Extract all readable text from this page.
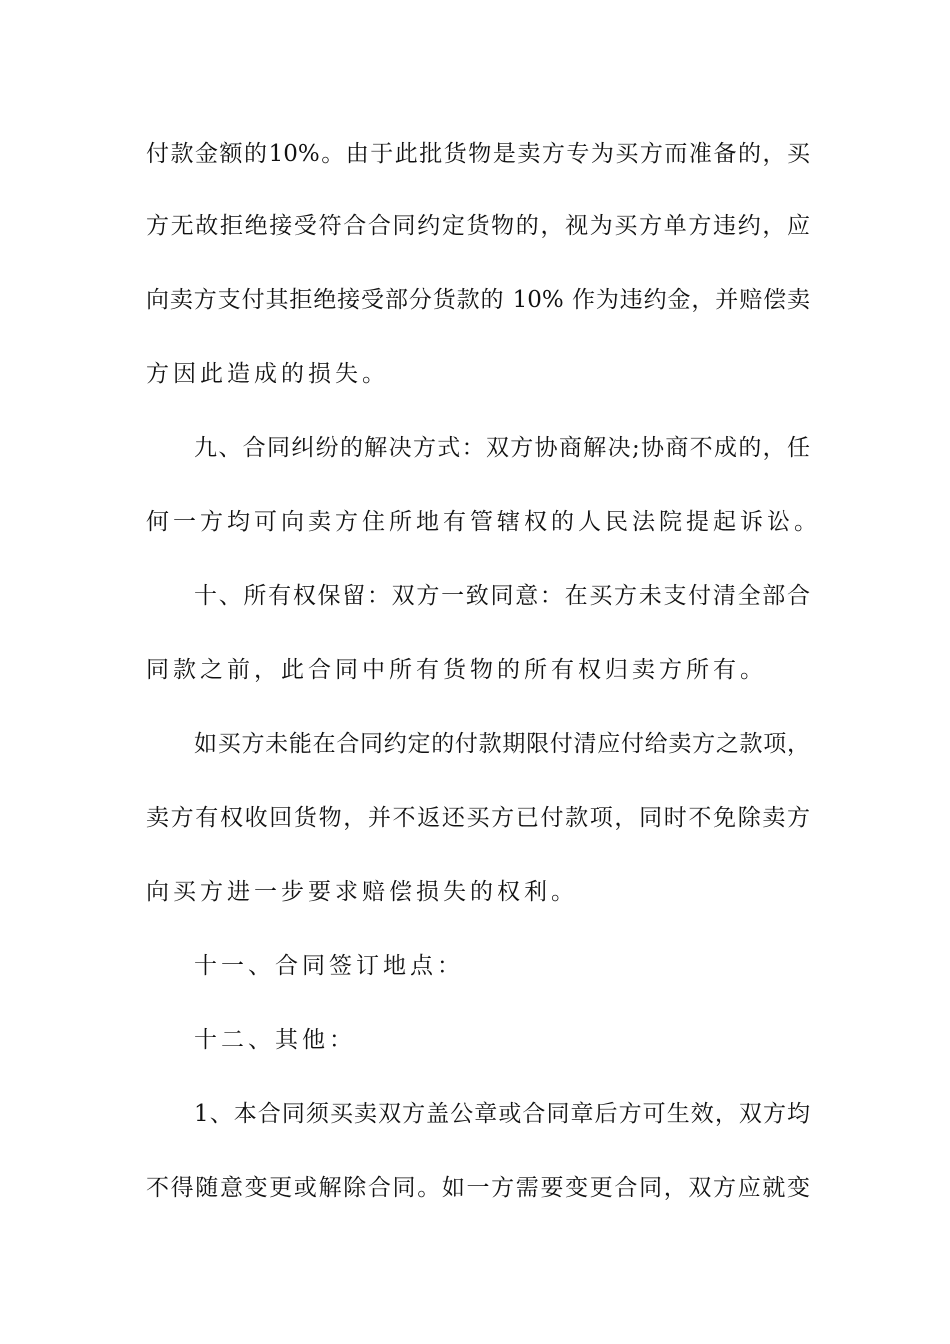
付款金额的10%。由于此批货物是卖方专为买方而准备的，买
方无故拒绝接受符合合同约定货物的，视为买方单方违约，应
向卖方支付其拒绝接受部分货款的 10% 作为违约金，并赔偿卖
方因此造成的损失。
九、合同纠纷的解决方式：双方协商解决;协商不成的，任
何一方均可向卖方住所地有管辖权的人民法院提起诉讼。
十、所有权保留：双方一致同意：在买方未支付清全部合
同款之前，此合同中所有货物的所有权归卖方所有。
如买方未能在合同约定的付款期限付清应付给卖方之款项，
卖方有权收回货物，并不返还买方已付款项，同时不免除卖方
向买方进一步要求赔偿损失的权利。
十一、合同签订地点：
十二、其他：
1、本合同须买卖双方盖公章或合同章后方可生效，双方均
不得随意变更或解除合同。如一方需要变更合同，双方应就变
